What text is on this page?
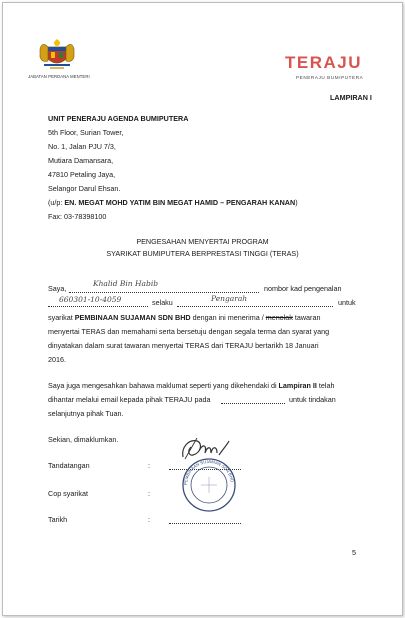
JABATAN PERDANA MENTERI
TERAJU
PENERAJU BUMIPUTERA
LAMPIRAN I
UNIT PENERAJU AGENDA BUMIPUTERA
5th Floor, Surian Tower,
No. 1, Jalan PJU 7/3,
Mutiara Damansara,
47810 Petaling Jaya,
Selangor Darul Ehsan.
(u/p: EN. MEGAT MOHD YATIM BIN MEGAT HAMID – PENGARAH KANAN)
Fax: 03-78398100
PENGESAHAN MENYERTAI PROGRAM
SYARIKAT BUMIPUTERA BERPRESTASI TINGGI (TERAS)
Saya,
Khalid Bin Habib
nombor kad pengenalan
660301-10-4059	selaku	Pengarah	untuk
syarikat PEMBINAAN SUJAMAN SDN BHD dengan ini menerima / menolak tawaran
menyertai TERAS dan memahami serta bersetuju dengan segala terma dan syarat yang
dinyatakan dalam surat tawaran menyertai TERAS dari TERAJU bertarikh 18 Januari
2016.
Saya juga mengesahkan bahawa maklumat seperti yang dikehendaki di Lampiran II telah
dihantar melalui email kepada pihak TERAJU pada	untuk tindakan
selanjutnya pihak Tuan.
Sekian, dimaklumkan.
Tandatangan	:
Cop syarikat	:
PEMBINAAN SUJAMAN SDN BHD
Tarikh	:
5
